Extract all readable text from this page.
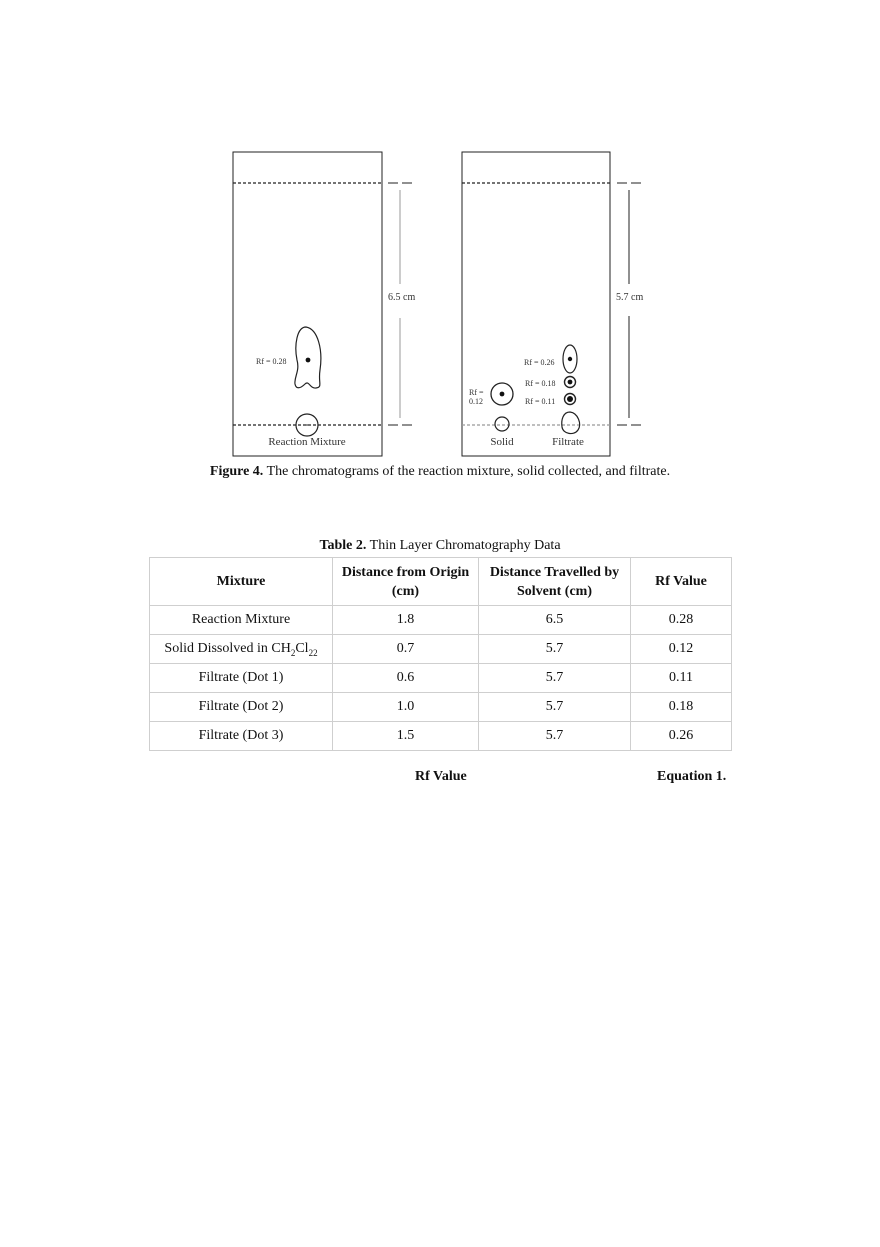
6.5 cm
Rf = 0.28
Reaction Mixture
5.7 cm
Rf =
0.12
Rf = 0.26
Rf = 0.18
Rf = 0.11
Solid	Filtrate
Figure 4. The chromatograms of the reaction mixture, solid collected, and filtrate.
Table 2. Thin Layer Chromatography Data
Mixture	Distance from Origin (cm)	Distance Travelled by Solvent (cm)	Rf Value
Reaction Mixture	1.8	6.5	0.28
Solid Dissolved in $CH_2Cl_{22}$	0.7	5.7	0.12
Filtrate (Dot 1)	0.6	5.7	0.11
Filtrate (Dot 2)	1.0	5.7	0.18
Filtrate (Dot 3)	1.5	5.7	0.26
Rf Value	Equation 1.
